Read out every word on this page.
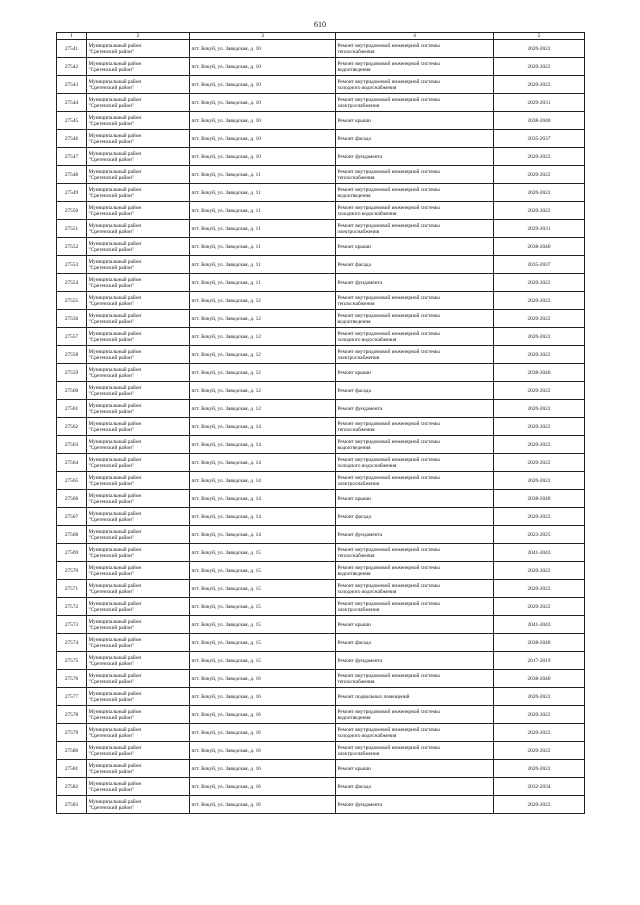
610
1	2	3	4	5
27541	Муниципальный район
"Сретенский район"	пгт. Кокуй, ул. Заводская, д. 10	Ремонт внутридомовой инженерной системы
теплоснабжения	2020-2022
27542	Муниципальный район
"Сретенский район"	пгт. Кокуй, ул. Заводская, д. 10	Ремонт внутридомовой инженерной системы
водоотведения	2020-2022
27543	Муниципальный район
"Сретенский район"	пгт. Кокуй, ул. Заводская, д. 10	Ремонт внутридомовой инженерной системы
холодного водоснабжения	2020-2022
27544	Муниципальный район
"Сретенский район"	пгт. Кокуй, ул. Заводская, д. 10	Ремонт внутридомовой инженерной системы
электроснабжения	2029-2031
27545	Муниципальный район
"Сретенский район"	пгт. Кокуй, ул. Заводская, д. 10	Ремонт крыши	2038-2040
27546	Муниципальный район
"Сретенский район"	пгт. Кокуй, ул. Заводская, д. 10	Ремонт фасада	2035-2037
27547	Муниципальный район
"Сретенский район"	пгт. Кокуй, ул. Заводская, д. 10	Ремонт фундамента	2020-2022
27548	Муниципальный район
"Сретенский район"	пгт. Кокуй, ул. Заводская, д. 11	Ремонт внутридомовой инженерной системы
теплоснабжения	2020-2022
27549	Муниципальный район
"Сретенский район"	пгт. Кокуй, ул. Заводская, д. 11	Ремонт внутридомовой инженерной системы
водоотведения	2020-2022
27550	Муниципальный район
"Сретенский район"	пгт. Кокуй, ул. Заводская, д. 11	Ремонт внутридомовой инженерной системы
холодного водоснабжения	2020-2022
27551	Муниципальный район
"Сретенский район"	пгт. Кокуй, ул. Заводская, д. 11	Ремонт внутридомовой инженерной системы
электроснабжения	2029-2031
27552	Муниципальный район
"Сретенский район"	пгт. Кокуй, ул. Заводская, д. 11	Ремонт крыши	2038-2040
27553	Муниципальный район
"Сретенский район"	пгт. Кокуй, ул. Заводская, д. 11	Ремонт фасада	2035-2037
27554	Муниципальный район
"Сретенский район"	пгт. Кокуй, ул. Заводская, д. 11	Ремонт фундамента	2020-2022
27555	Муниципальный район
"Сретенский район"	пгт. Кокуй, ул. Заводская, д. 12	Ремонт внутридомовой инженерной системы
теплоснабжения	2020-2022
27556	Муниципальный район
"Сретенский район"	пгт. Кокуй, ул. Заводская, д. 12	Ремонт внутридомовой инженерной системы
водоотведения	2020-2022
27557	Муниципальный район
"Сретенский район"	пгт. Кокуй, ул. Заводская, д. 12	Ремонт внутридомовой инженерной системы
холодного водоснабжения	2020-2022
27558	Муниципальный район
"Сретенский район"	пгт. Кокуй, ул. Заводская, д. 12	Ремонт внутридомовой инженерной системы
электроснабжения	2020-2022
27559	Муниципальный район
"Сретенский район"	пгт. Кокуй, ул. Заводская, д. 12	Ремонт крыши	2038-2040
27560	Муниципальный район
"Сретенский район"	пгт. Кокуй, ул. Заводская, д. 12	Ремонт фасада	2020-2022
27561	Муниципальный район
"Сретенский район"	пгт. Кокуй, ул. Заводская, д. 12	Ремонт фундамента	2020-2022
27562	Муниципальный район
"Сретенский район"	пгт. Кокуй, ул. Заводская, д. 14	Ремонт внутридомовой инженерной системы
теплоснабжения	2020-2022
27563	Муниципальный район
"Сретенский район"	пгт. Кокуй, ул. Заводская, д. 14	Ремонт внутридомовой инженерной системы
водоотведения	2020-2022
27564	Муниципальный район
"Сретенский район"	пгт. Кокуй, ул. Заводская, д. 14	Ремонт внутридомовой инженерной системы
холодного водоснабжения	2020-2022
27565	Муниципальный район
"Сретенский район"	пгт. Кокуй, ул. Заводская, д. 14	Ремонт внутридомовой инженерной системы
электроснабжения	2020-2022
27566	Муниципальный район
"Сретенский район"	пгт. Кокуй, ул. Заводская, д. 14	Ремонт крыши	2038-2040
27567	Муниципальный район
"Сретенский район"	пгт. Кокуй, ул. Заводская, д. 14	Ремонт фасада	2020-2022
27568	Муниципальный район
"Сретенский район"	пгт. Кокуй, ул. Заводская, д. 14	Ремонт фундамента	2023-2025
27569	Муниципальный район
"Сретенский район"	пгт. Кокуй, ул. Заводская, д. 15	Ремонт внутридомовой инженерной системы
теплоснабжения	2041-2043
27570	Муниципальный район
"Сретенский район"	пгт. Кокуй, ул. Заводская, д. 15	Ремонт внутридомовой инженерной системы
водоотведения	2020-2022
27571	Муниципальный район
"Сретенский район"	пгт. Кокуй, ул. Заводская, д. 15	Ремонт внутридомовой инженерной системы
холодного водоснабжения	2020-2022
27572	Муниципальный район
"Сретенский район"	пгт. Кокуй, ул. Заводская, д. 15	Ремонт внутридомовой инженерной системы
электроснабжения	2020-2022
27573	Муниципальный район
"Сретенский район"	пгт. Кокуй, ул. Заводская, д. 15	Ремонт крыши	2041-2043
27574	Муниципальный район
"Сретенский район"	пгт. Кокуй, ул. Заводская, д. 15	Ремонт фасада	2038-2040
27575	Муниципальный район
"Сретенский район"	пгт. Кокуй, ул. Заводская, д. 15	Ремонт фундамента	2017-2019
27576	Муниципальный район
"Сретенский район"	пгт. Кокуй, ул. Заводская, д. 16	Ремонт внутридомовой инженерной системы
теплоснабжения	2038-2040
27577	Муниципальный район
"Сретенский район"	пгт. Кокуй, ул. Заводская, д. 16	Ремонт подвальных помещений	2020-2022
27578	Муниципальный район
"Сретенский район"	пгт. Кокуй, ул. Заводская, д. 16	Ремонт внутридомовой инженерной системы
водоотведения	2020-2022
27579	Муниципальный район
"Сретенский район"	пгт. Кокуй, ул. Заводская, д. 16	Ремонт внутридомовой инженерной системы
холодного водоснабжения	2020-2022
27580	Муниципальный район
"Сретенский район"	пгт. Кокуй, ул. Заводская, д. 16	Ремонт внутридомовой инженерной системы
электроснабжения	2020-2022
27581	Муниципальный район
"Сретенский район"	пгт. Кокуй, ул. Заводская, д. 16	Ремонт крыши	2020-2022
27582	Муниципальный район
"Сретенский район"	пгт. Кокуй, ул. Заводская, д. 16	Ремонт фасада	2032-2034
27583	Муниципальный район
"Сретенский район"	пгт. Кокуй, ул. Заводская, д. 16	Ремонт фундамента	2020-2022
